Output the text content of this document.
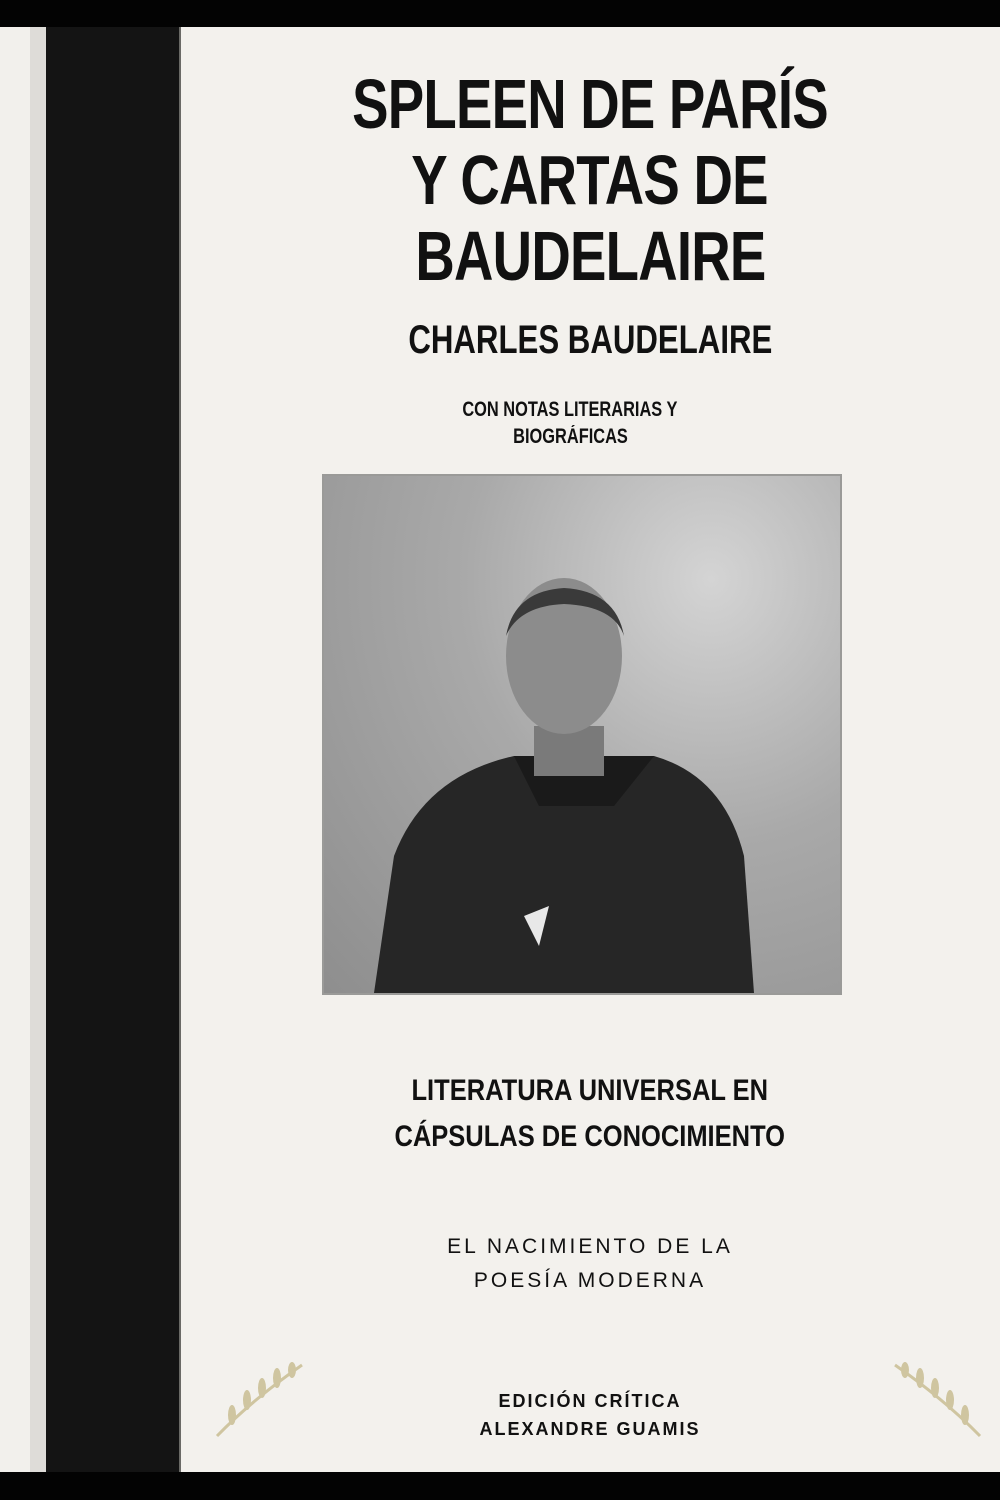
SPLEEN DE PARÍS
Y CARTAS DE
BAUDELAIRE
CHARLES BAUDELAIRE
CON NOTAS LITERARIAS Y
BIOGRÁFICAS
LITERATURA UNIVERSAL EN
CÁPSULAS DE CONOCIMIENTO
EL NACIMIENTO DE LA
POESÍA MODERNA
EDICIÓN CRÍTICA
ALEXANDRE GUAMIS
